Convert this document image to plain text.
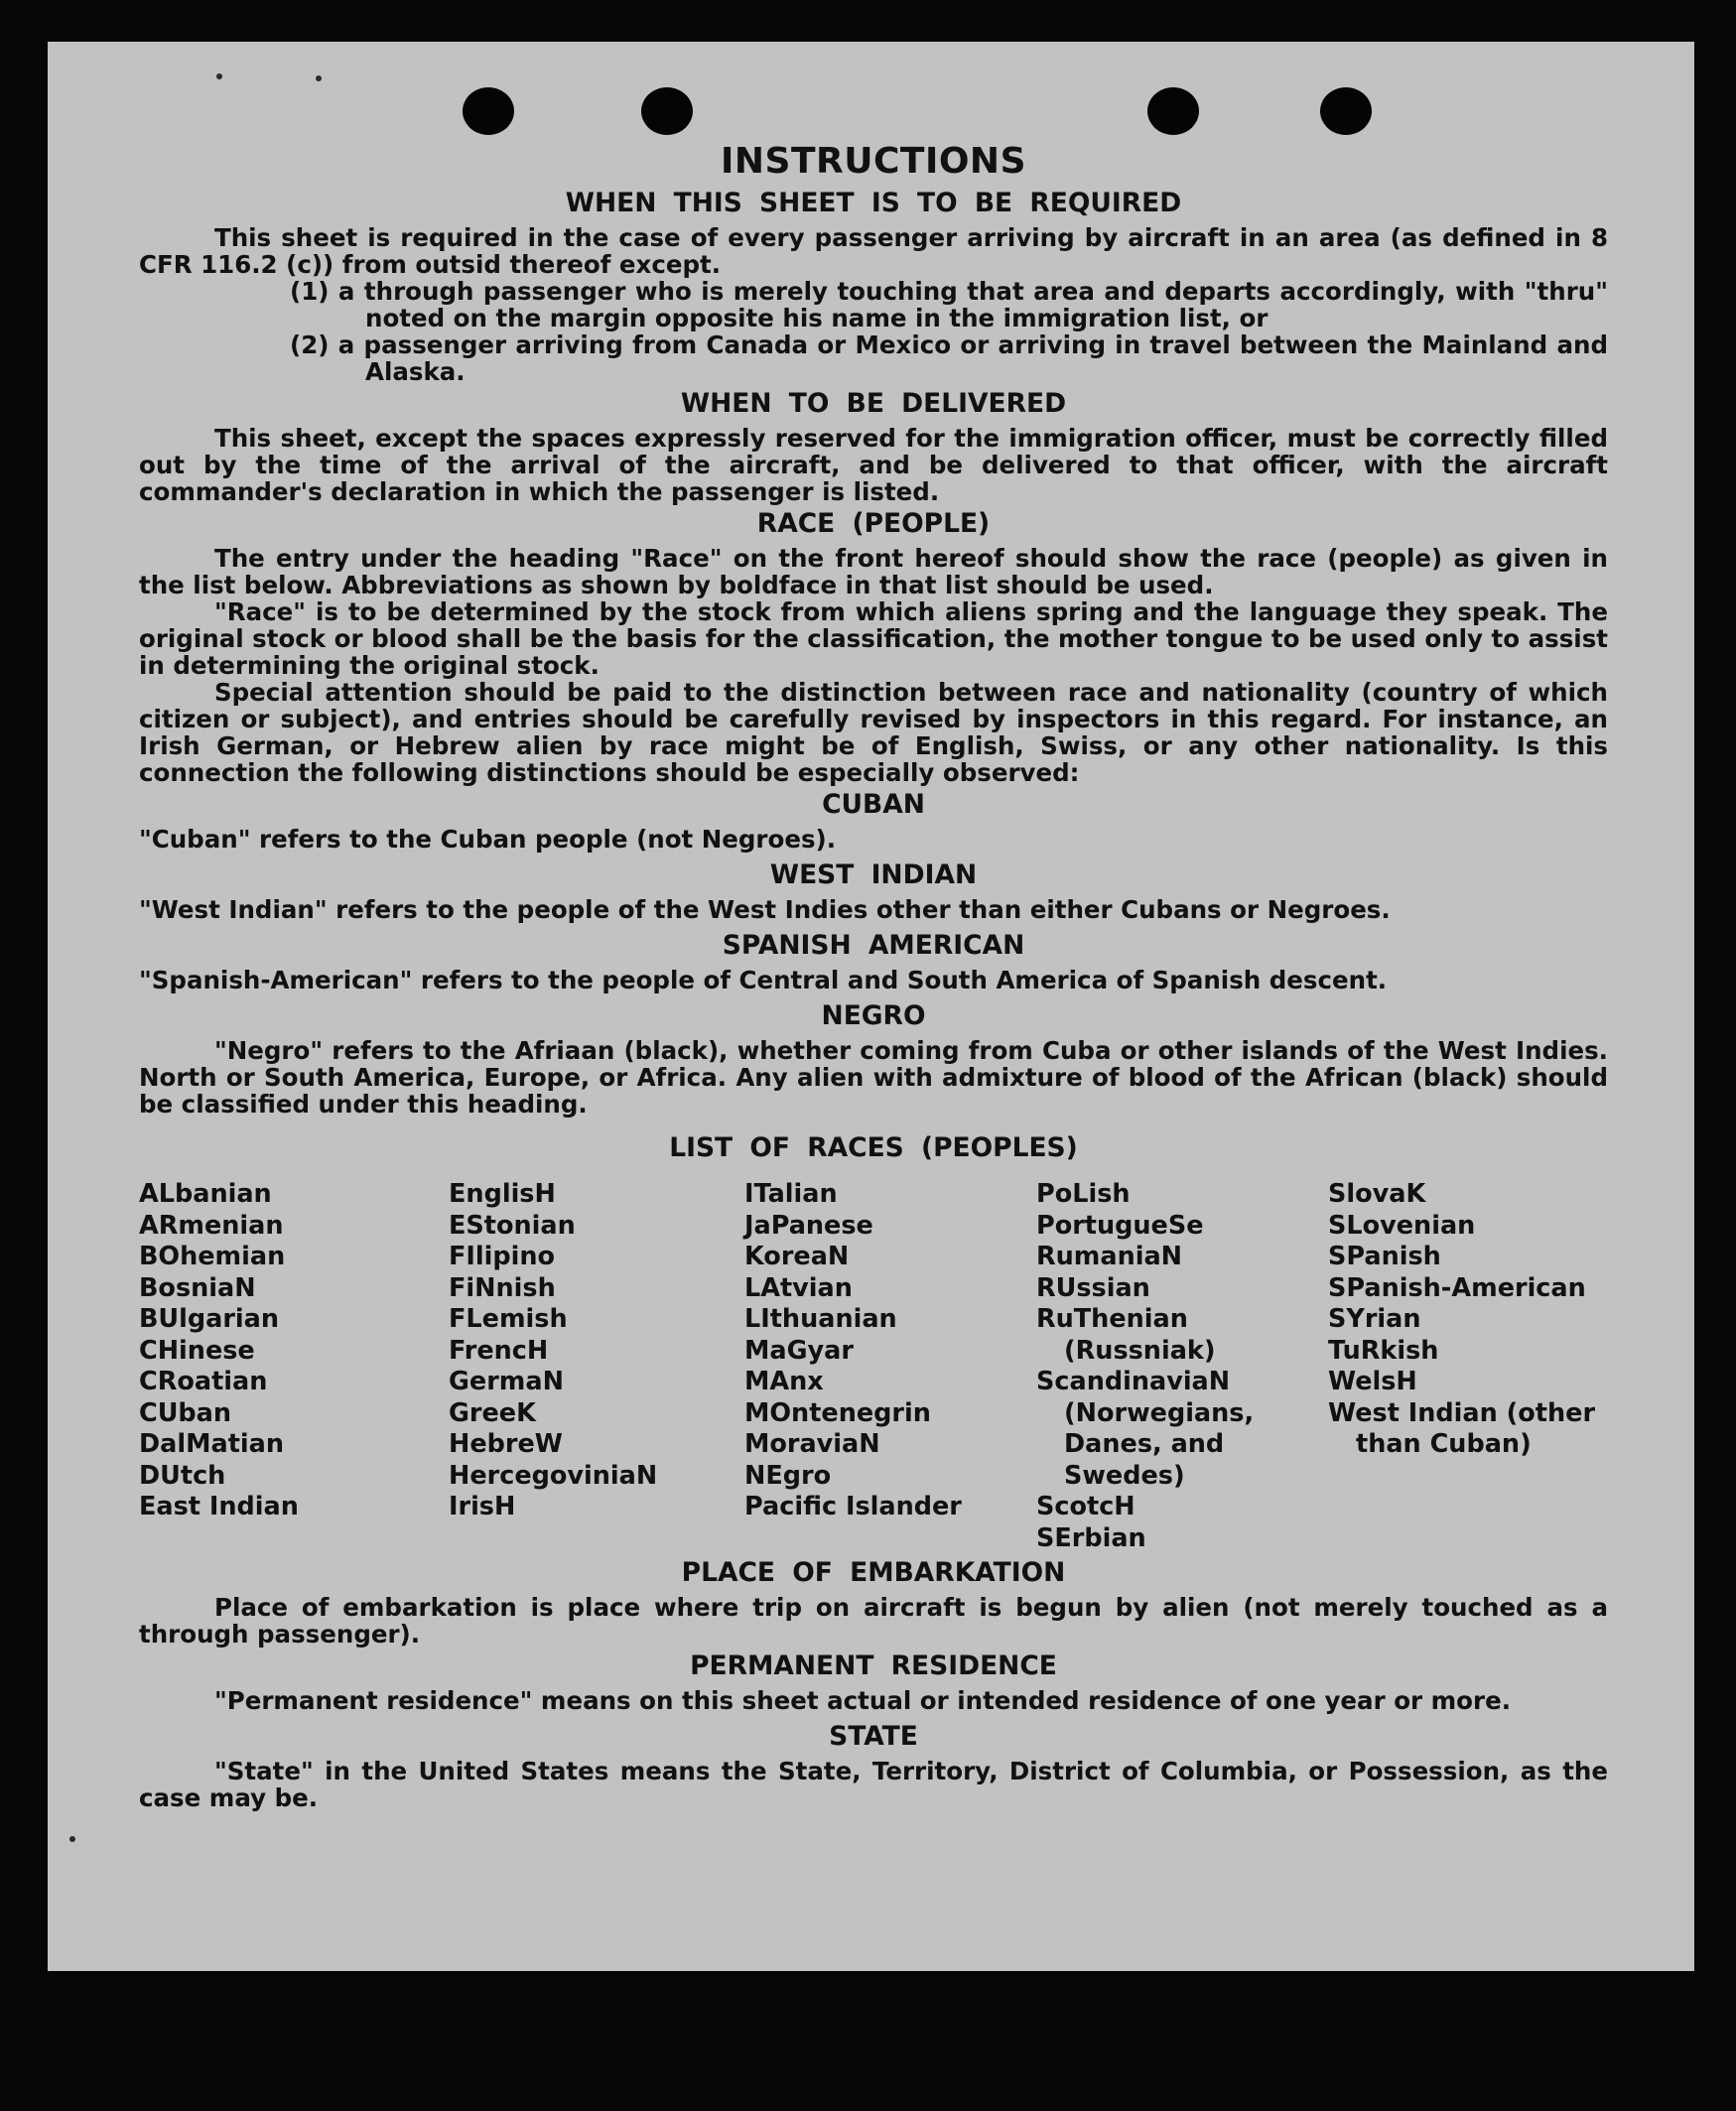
INSTRUCTIONS
WHEN THIS SHEET IS TO BE REQUIRED

This sheet is required in the case of every passenger arriving by aircraft in an area (as defined in 8 CFR 116.2 (c)) from outsid thereof except.

(1) a through passenger who is merely touching that area and departs accordingly, with "thru" noted on the margin opposite his name in the immigration list, or

(2) a passenger arriving from Canada or Mexico or arriving in travel between the Mainland and Alaska.

WHEN TO BE DELIVERED

This sheet, except the spaces expressly reserved for the immigration officer, must be correctly filled out by the time of the arrival of the aircraft, and be delivered to that officer, with the aircraft commander's declaration in which the passenger is listed.

RACE (PEOPLE)

The entry under the heading "Race" on the front hereof should show the race (people) as given in the list below. Abbreviations as shown by boldface in that list should be used.

"Race" is to be determined by the stock from which aliens spring and the language they speak. The original stock or blood shall be the basis for the classification, the mother tongue to be used only to assist in determining the original stock.

Special attention should be paid to the distinction between race and nationality (country of which citizen or subject), and entries should be carefully revised by inspectors in this regard. For instance, an Irish German, or Hebrew alien by race might be of English, Swiss, or any other nationality. Is this connection the following distinctions should be especially observed:

CUBAN

"Cuban" refers to the Cuban people (not Negroes).

WEST INDIAN

"West Indian" refers to the people of the West Indies other than either Cubans or Negroes.

SPANISH AMERICAN

"Spanish-American" refers to the people of Central and South America of Spanish descent.

NEGRO

"Negro" refers to the Afriaan (black), whether coming from Cuba or other islands of the West Indies. North or South America, Europe, or Africa. Any alien with admixture of blood of the African (black) should be classified under this heading.

LIST OF RACES (PEOPLES)
ALbanian
ARmenian
BOhemian
BosniaN
BUlgarian
CHinese
CRoatian
CUban
DalMatian
DUtch
East Indian
EnglisH
EStonian
FIlipino
FiNnish
FLemish
FrencH
GermaN
GreeK
HebreW
HercegoviniaN
IrisH
ITalian
JaPanese
KoreaN
LAtvian
LIthuanian
MaGyar
MAnx
MOntenegrin
MoraviaN
NEgro
Pacific Islander
PoLish
PortugueSe
RumaniaN
RUssian
RuThenian (Russniak)
ScandinaviaN (Norwegians, Danes, and Swedes)
ScotcH
SErbian
SlovaK
SLovenian
SPanish
SPanish-American
SYrian
TuRkish
WelsH
West Indian (other than Cuban)
PLACE OF EMBARKATION

Place of embarkation is place where trip on aircraft is begun by alien (not merely touched as a through passenger).

PERMANENT RESIDENCE

"Permanent residence" means on this sheet actual or intended residence of one year or more.

STATE

"State" in the United States means the State, Territory, District of Columbia, or Possession, as the case may be.
